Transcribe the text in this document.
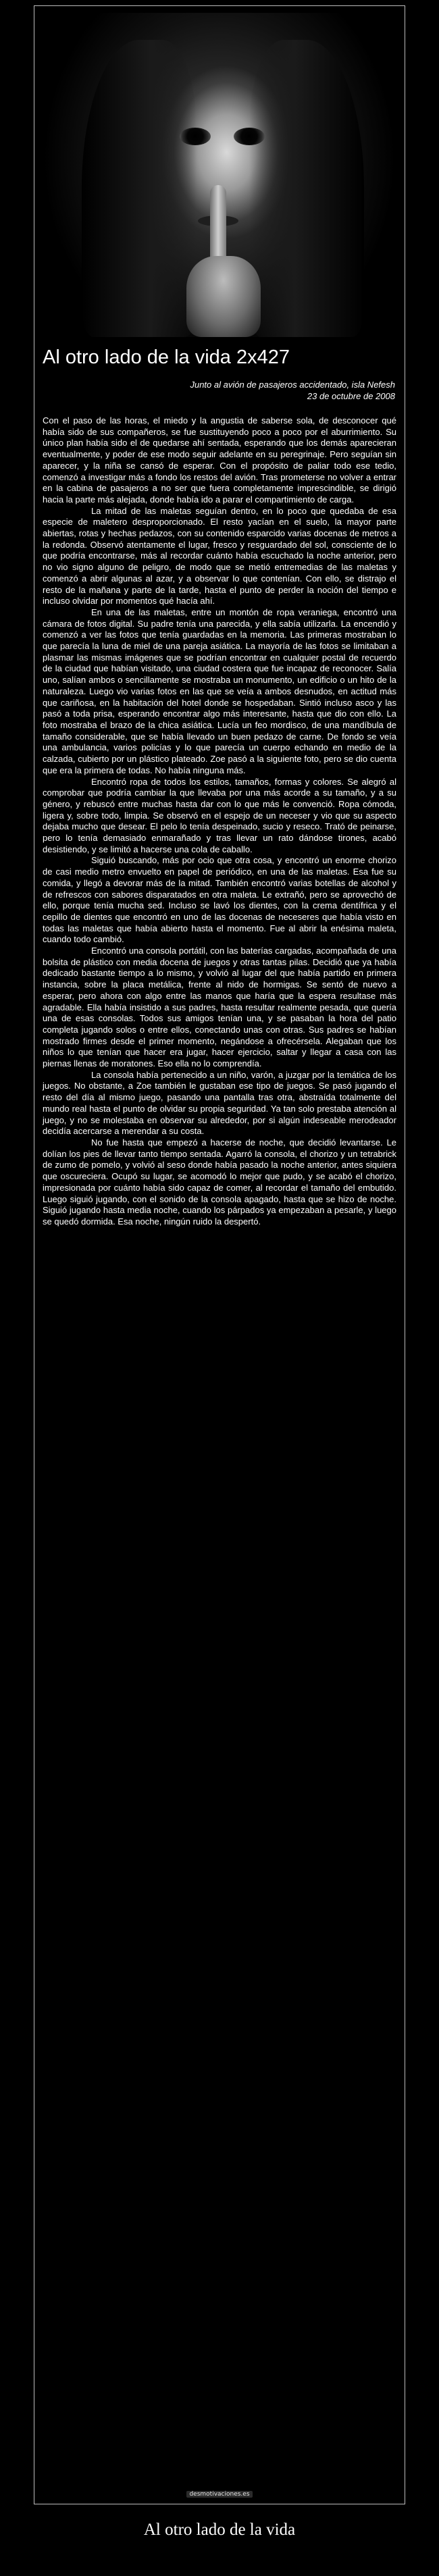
Al otro lado de la vida 2x427
Junto al avión de pasajeros accidentado, isla Nefesh
23 de octubre de 2008

Con el paso de las horas, el miedo y la angustia de saberse sola, de desconocer qué había sido de sus compañeros, se fue sustituyendo poco a poco por el aburrimiento. Su único plan había sido el de quedarse ahí sentada, esperando que los demás aparecieran eventualmente, y poder de ese modo seguir adelante en su peregrinaje. Pero seguían sin aparecer, y la niña se cansó de esperar. Con el propósito de paliar todo ese tedio, comenzó a investigar más a fondo los restos del avión. Tras prometerse no volver a entrar en la cabina de pasajeros a no ser que fuera completamente imprescindible, se dirigió hacia la parte más alejada, donde había ido a parar el compartimiento de carga.

La mitad de las maletas seguían dentro, en lo poco que quedaba de esa especie de maletero desproporcionado. El resto yacían en el suelo, la mayor parte abiertas, rotas y hechas pedazos, con su contenido esparcido varias docenas de metros a la redonda. Observó atentamente el lugar, fresco y resguardado del sol, consciente de lo que podría encontrarse, más al recordar cuánto había escuchado la noche anterior, pero no vio signo alguno de peligro, de modo que se metió entremedias de las maletas y comenzó a abrir algunas al azar, y a observar lo que contenían. Con ello, se distrajo el resto de la mañana y parte de la tarde, hasta el punto de perder la noción del tiempo e incluso olvidar por momentos qué hacía ahí.

En una de las maletas, entre un montón de ropa veraniega, encontró una cámara de fotos digital. Su padre tenía una parecida, y ella sabía utilizarla. La encendió y comenzó a ver las fotos que tenía guardadas en la memoria. Las primeras mostraban lo que parecía la luna de miel de una pareja asiática. La mayoría de las fotos se limitaban a plasmar las mismas imágenes que se podrían encontrar en cualquier postal de recuerdo de la ciudad que habían visitado, una ciudad costera que fue incapaz de reconocer. Salía uno, salían ambos o sencillamente se mostraba un monumento, un edificio o un hito de la naturaleza. Luego vio varias fotos en las que se veía a ambos desnudos, en actitud más que cariñosa, en la habitación del hotel donde se hospedaban. Sintió incluso asco y las pasó a toda prisa, esperando encontrar algo más interesante, hasta que dio con ello. La foto mostraba el brazo de la chica asiática. Lucía un feo mordisco, de una mandíbula de tamaño considerable, que se había llevado un buen pedazo de carne. De fondo se veía una ambulancia, varios policías y lo que parecía un cuerpo echando en medio de la calzada, cubierto por un plástico plateado. Zoe pasó a la siguiente foto, pero se dio cuenta que era la primera de todas. No había ninguna más.

Encontró ropa de todos los estilos, tamaños, formas y colores. Se alegró al comprobar que podría cambiar la que llevaba por una más acorde a su tamaño, y a su género, y rebuscó entre muchas hasta dar con lo que más le convenció. Ropa cómoda, ligera y, sobre todo, limpia. Se observó en el espejo de un neceser y vio que su aspecto dejaba mucho que desear. El pelo lo tenía despeinado, sucio y reseco. Trató de peinarse, pero lo tenía demasiado enmarañado y tras llevar un rato dándose tirones, acabó desistiendo, y se limitó a hacerse una cola de caballo.

Siguió buscando, más por ocio que otra cosa, y encontró un enorme chorizo de casi medio metro envuelto en papel de periódico, en una de las maletas. Esa fue su comida, y llegó a devorar más de la mitad. También encontró varias botellas de alcohol y de refrescos con sabores disparatados en otra maleta. Le extrañó, pero se aprovechó de ello, porque tenía mucha sed. Incluso se lavó los dientes, con la crema dentífrica y el cepillo de dientes que encontró en uno de las docenas de neceseres que había visto en todas las maletas que había abierto hasta el momento. Fue al abrir la enésima maleta, cuando todo cambió.

Encontró una consola portátil, con las baterías cargadas, acompañada de una bolsita de plástico con media docena de juegos y otras tantas pilas. Decidió que ya había dedicado bastante tiempo a lo mismo, y volvió al lugar del que había partido en primera instancia, sobre la placa metálica, frente al nido de hormigas. Se sentó de nuevo a esperar, pero ahora con algo entre las manos que haría que la espera resultase más agradable. Ella había insistido a sus padres, hasta resultar realmente pesada, que quería una de esas consolas. Todos sus amigos tenían una, y se pasaban la hora del patio completa jugando solos o entre ellos, conectando unas con otras. Sus padres se habían mostrado firmes desde el primer momento, negándose a ofrecérsela. Alegaban que los niños lo que tenían que hacer era jugar, hacer ejercicio, saltar y llegar a casa con las piernas llenas de moratones. Eso ella no lo comprendía.

La consola había pertenecido a un niño, varón, a juzgar por la temática de los juegos. No obstante, a Zoe también le gustaban ese tipo de juegos. Se pasó jugando el resto del día al mismo juego, pasando una pantalla tras otra, abstraída totalmente del mundo real hasta el punto de olvidar su propia seguridad. Ya tan solo prestaba atención al juego, y no se molestaba en observar su alrededor, por si algún indeseable merodeador decidía acercarse a merendar a su costa.

No fue hasta que empezó a hacerse de noche, que decidió levantarse. Le dolían los pies de llevar tanto tiempo sentada. Agarró la consola, el chorizo y un tetrabrick de zumo de pomelo, y volvió al seso donde había pasado la noche anterior, antes siquiera que oscureciera. Ocupó su lugar, se acomodó lo mejor que pudo, y se acabó el chorizo, impresionada por cuánto había sido capaz de comer, al recordar el tamaño del embutido. Luego siguió jugando, con el sonido de la consola apagado, hasta que se hizo de noche. Siguió jugando hasta media noche, cuando los párpados ya empezaban a pesarle, y luego se quedó dormida. Esa noche, ningún ruido la despertó.

desmotivaciones.es
Al otro lado de la vida
